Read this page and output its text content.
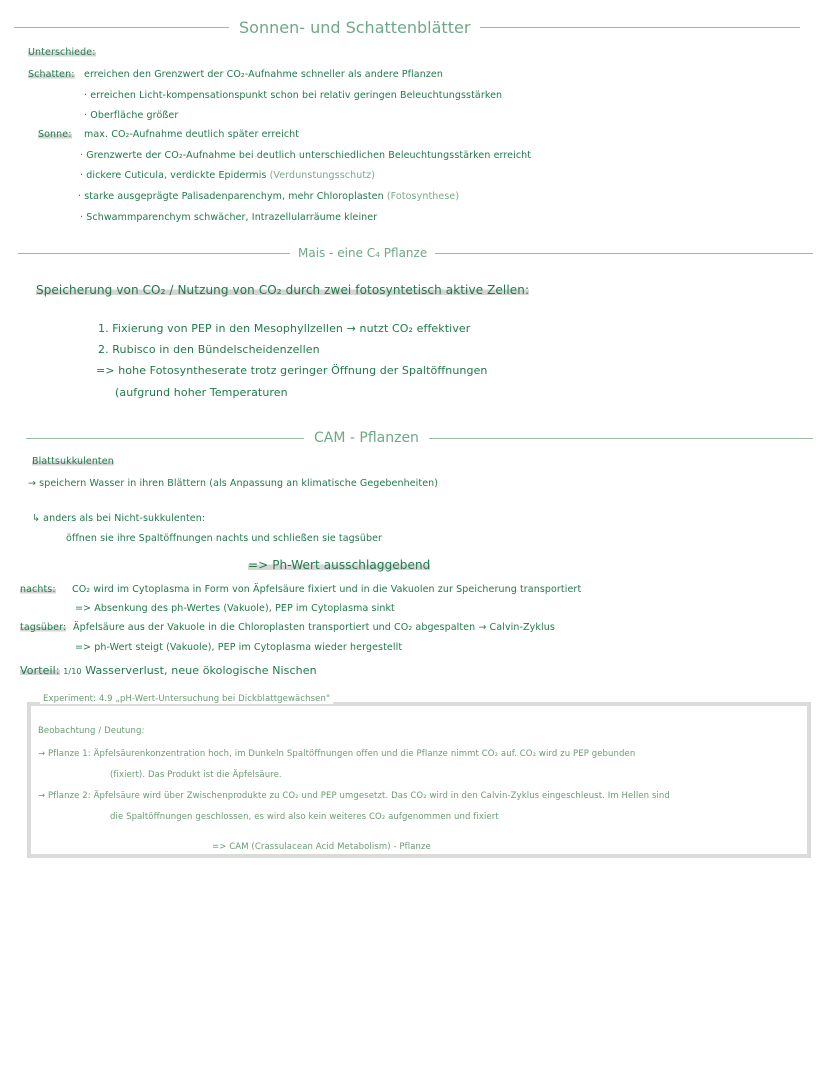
Sonnen- und Schattenblätter
Unterschiede:
Schatten: erreichen den Grenzwert der CO₂-Aufnahme schneller als andere Pflanzen
· erreichen Licht-kompensationspunkt schon bei relativ geringen Beleuchtungsstärken
· Oberfläche größer
Sonne: max. CO₂-Aufnahme deutlich später erreicht
· Grenzwerte der CO₂-Aufnahme bei deutlich unterschiedlichen Beleuchtungsstärken erreicht
· dickere Cuticula, verdickte Epidermis (Verdunstungsschutz)
· starke ausgeprägte Palisadenparenchym, mehr Chloroplasten (Fotosynthese)
· Schwammparenchym schwächer, Intrazellularräume kleiner
Mais - eine C₄ Pflanze
Speicherung von CO₂ / Nutzung von CO₂ durch zwei fotosyntetisch aktive Zellen:
1. Fixierung von PEP in den Mesophyllzellen → nutzt CO₂ effektiver
2. Rubisco in den Bündelscheidenzellen
=> hohe Fotosyntheserate trotz geringer Öffnung der Spaltöffnungen
(aufgrund hoher Temperaturen
CAM - Pflanzen
Blattsukkulenten
→ speichern Wasser in ihren Blättern (als Anpassung an klimatische Gegebenheiten)
↳ anders als bei Nicht-sukkulenten:
öffnen sie ihre Spaltöffnungen nachts und schließen sie tagsüber
=> Ph-Wert ausschlaggebend
nachts: CO₂ wird im Cytoplasma in Form von Äpfelsäure fixiert und in die Vakuolen zur Speicherung transportiert
=> Absenkung des ph-Wertes (Vakuole), PEP im Cytoplasma sinkt
tagsüber: Äpfelsäure aus der Vakuole in die Chloroplasten transportiert und CO₂ abgespalten → Calvin-Zyklus
=> ph-Wert steigt (Vakuole), PEP im Cytoplasma wieder hergestellt
Vorteil: 1/10 Wasserverlust, neue ökologische Nischen
Experiment: 4.9 „pH-Wert-Untersuchung bei Dickblattgewächsen"
Beobachtung / Deutung:
→ Pflanze 1: Äpfelsäurenkonzentration hoch, im Dunkeln Spaltöffnungen offen und die Pflanze nimmt CO₂ auf. CO₂ wird zu PEP gebunden
(fixiert). Das Produkt ist die Äpfelsäure.
→ Pflanze 2: Äpfelsäure wird über Zwischenprodukte zu CO₂ und PEP umgesetzt. Das CO₂ wird in den Calvin-Zyklus eingeschleust. Im Hellen sind
die Spaltöffnungen geschlossen, es wird also kein weiteres CO₂ aufgenommen und fixiert
=> CAM (Crassulacean Acid Metabolism) - Pflanze
